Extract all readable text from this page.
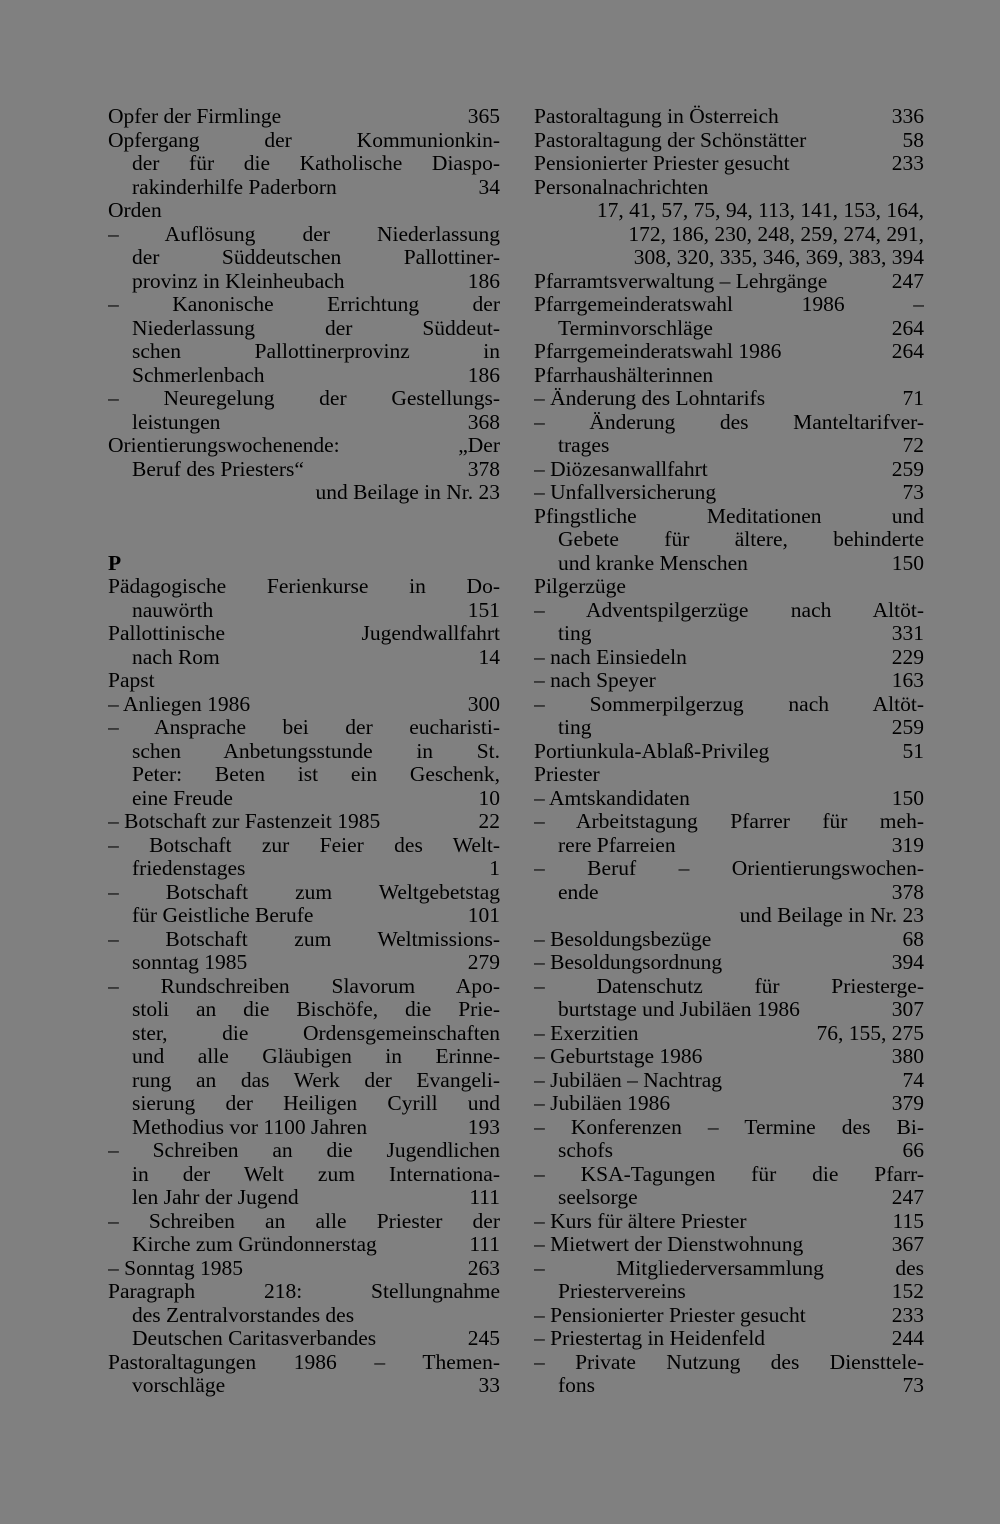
Opfer der Firmlinge	365
Opfergang der Kommunionkin-
der für die Katholische Diaspo-
rakinderhilfe Paderborn	34
Orden
– Auflösung der Niederlassung
der Süddeutschen Pallottiner-
provinz in Kleinheubach	186
– Kanonische Errichtung der
Niederlassung der Süddeut-
schen Pallottinerprovinz in
Schmerlenbach	186
– Neuregelung der Gestellungs-
leistungen	368
Orientierungswochenende: „Der
Beruf des Priesters“	378
und Beilage in Nr. 23
P
Pädagogische Ferienkurse in Do-
nauwörth	151
Pallottinische Jugendwallfahrt
nach Rom	14
Papst
– Anliegen 1986	300
– Ansprache bei der eucharisti-
schen Anbetungsstunde in St.
Peter: Beten ist ein Geschenk,
eine Freude	10
– Botschaft zur Fastenzeit 1985	22
– Botschaft zur Feier des Welt-
friedenstages	1
– Botschaft zum Weltgebetstag
für Geistliche Berufe	101
– Botschaft zum Weltmissions-
sonntag 1985	279
– Rundschreiben Slavorum Apo-
stoli an die Bischöfe, die Prie-
ster, die Ordensgemeinschaften
und alle Gläubigen in Erinne-
rung an das Werk der Evangeli-
sierung der Heiligen Cyrill und
Methodius vor 1100 Jahren	193
– Schreiben an die Jugendlichen
in der Welt zum Internationa-
len Jahr der Jugend	111
– Schreiben an alle Priester der
Kirche zum Gründonnerstag	111
– Sonntag 1985	263
Paragraph 218: Stellungnahme
des Zentralvorstandes des
Deutschen Caritasverbandes	245
Pastoraltagungen 1986 – Themen-
vorschläge	33
Pastoraltagung in Österreich	336
Pastoraltagung der Schönstätter	58
Pensionierter Priester gesucht	233
Personalnachrichten
17, 41, 57, 75, 94, 113, 141, 153, 164,
172, 186, 230, 248, 259, 274, 291,
308, 320, 335, 346, 369, 383, 394
Pfarramtsverwaltung – Lehrgänge	247
Pfarrgemeinderatswahl 1986 –
Terminvorschläge	264
Pfarrgemeinderatswahl 1986	264
Pfarrhaushälterinnen
– Änderung des Lohntarifs	71
– Änderung des Manteltarifver-
trages	72
– Diözesanwallfahrt	259
– Unfallversicherung	73
Pfingstliche Meditationen und
Gebete für ältere, behinderte
und kranke Menschen	150
Pilgerzüge
– Adventspilgerzüge nach Altöt-
ting	331
– nach Einsiedeln	229
– nach Speyer	163
– Sommerpilgerzug nach Altöt-
ting	259
Portiunkula-Ablaß-Privileg	51
Priester
– Amtskandidaten	150
– Arbeitstagung Pfarrer für meh-
rere Pfarreien	319
– Beruf – Orientierungswochen-
ende	378
und Beilage in Nr. 23
– Besoldungsbezüge	68
– Besoldungsordnung	394
– Datenschutz für Priesterge-
burtstage und Jubiläen 1986	307
– Exerzitien	76, 155, 275
– Geburtstage 1986	380
– Jubiläen – Nachtrag	74
– Jubiläen 1986	379
– Konferenzen – Termine des Bi-
schofs	66
– KSA-Tagungen für die Pfarr-
seelsorge	247
– Kurs für ältere Priester	115
– Mietwert der Dienstwohnung	367
– Mitgliederversammlung des
Priestervereins	152
– Pensionierter Priester gesucht	233
– Priestertag in Heidenfeld	244
– Private Nutzung des Diensttele-
fons	73
